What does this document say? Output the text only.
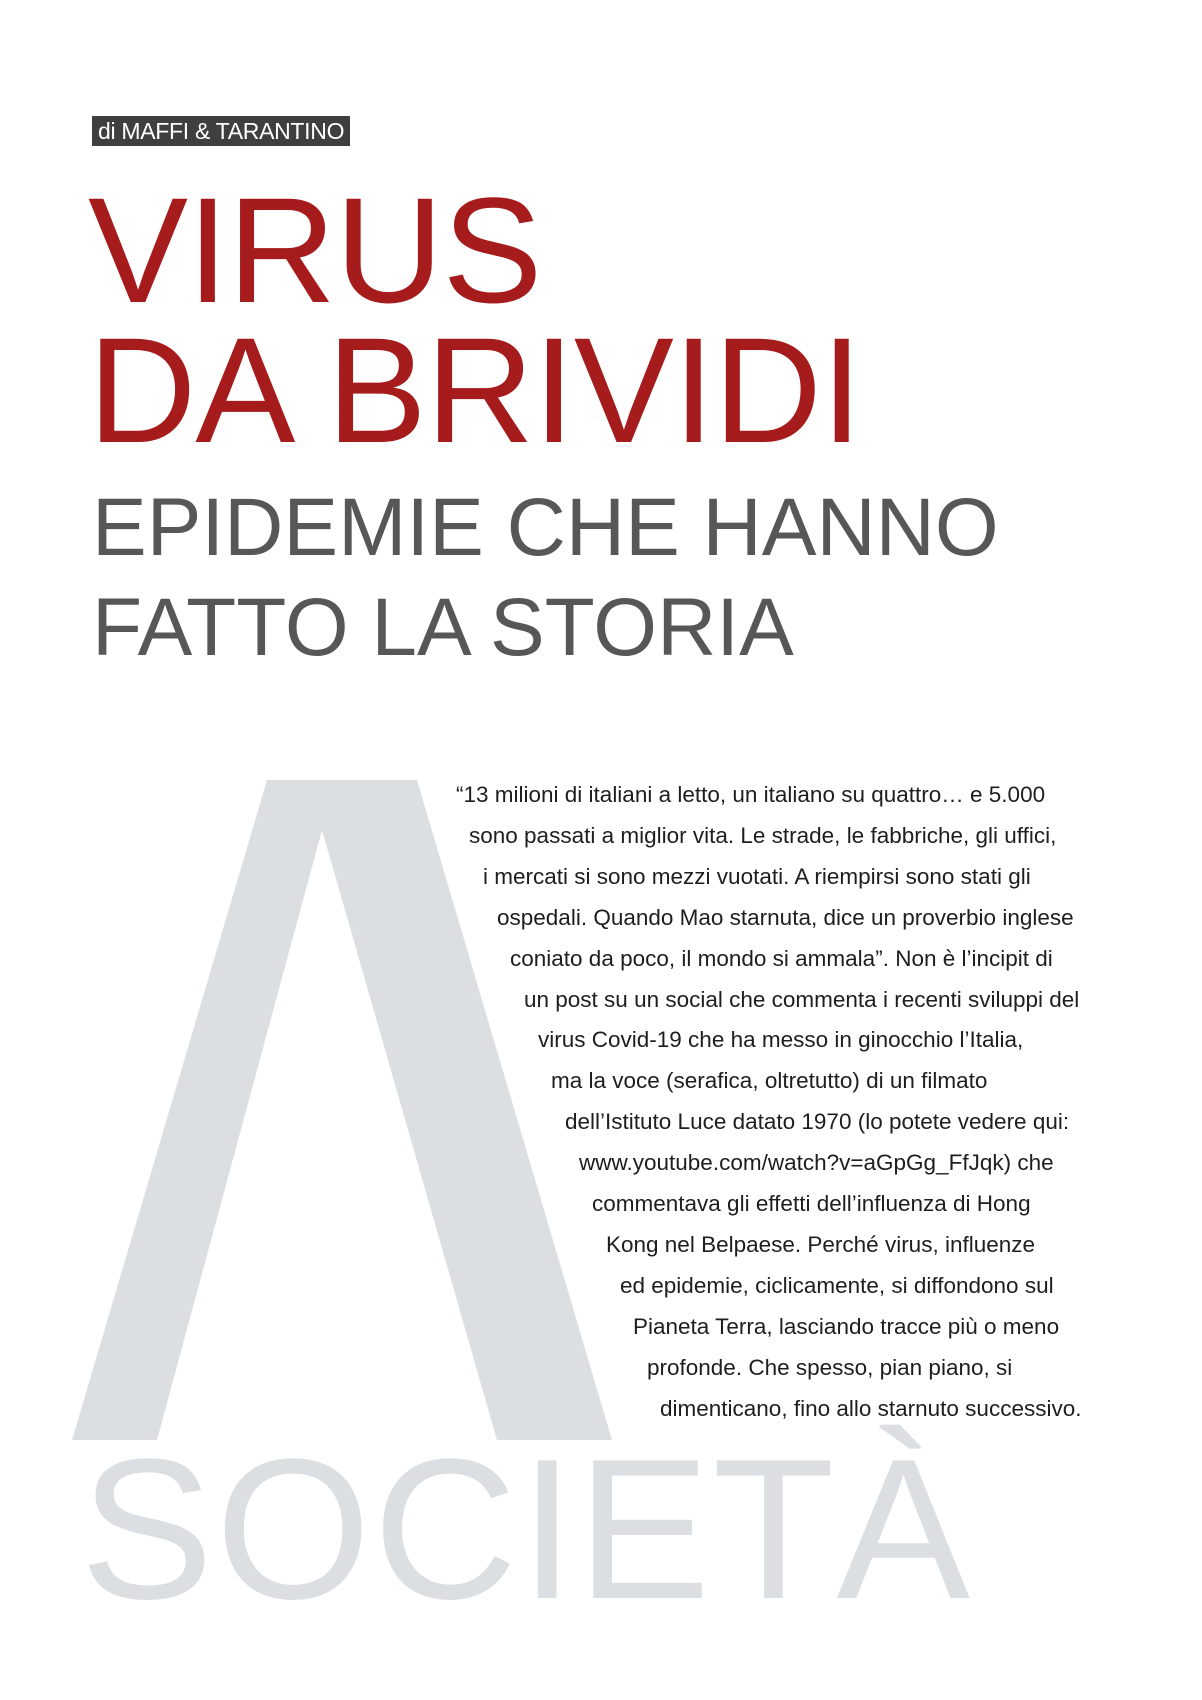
di MAFFI & TARANTINO
VIRUS
DA BRIVIDI
EPIDEMIE CHE HANNO
FATTO LA STORIA
A
SOCIETÀ
“13 milioni di italiani a letto, un italiano su quattro… e 5.000
sono passati a miglior vita. Le strade, le fabbriche, gli uffici,
i mercati si sono mezzi vuotati. A riempirsi sono stati gli
ospedali. Quando Mao starnuta, dice un proverbio inglese
coniato da poco, il mondo si ammala”. Non è l’incipit di
un post su un social che commenta i recenti sviluppi del
virus Covid-19 che ha messo in ginocchio l’Italia,
ma la voce (serafica, oltretutto) di un filmato
dell’Istituto Luce datato 1970 (lo potete vedere qui:
www.youtube.com/watch?v=aGpGg_FfJqk) che
commentava gli effetti dell’influenza di Hong
Kong nel Belpaese. Perché virus, influenze
ed epidemie, ciclicamente, si diffondono sul
Pianeta Terra, lasciando tracce più o meno
profonde. Che spesso, pian piano, si
dimenticano, fino allo starnuto successivo.
